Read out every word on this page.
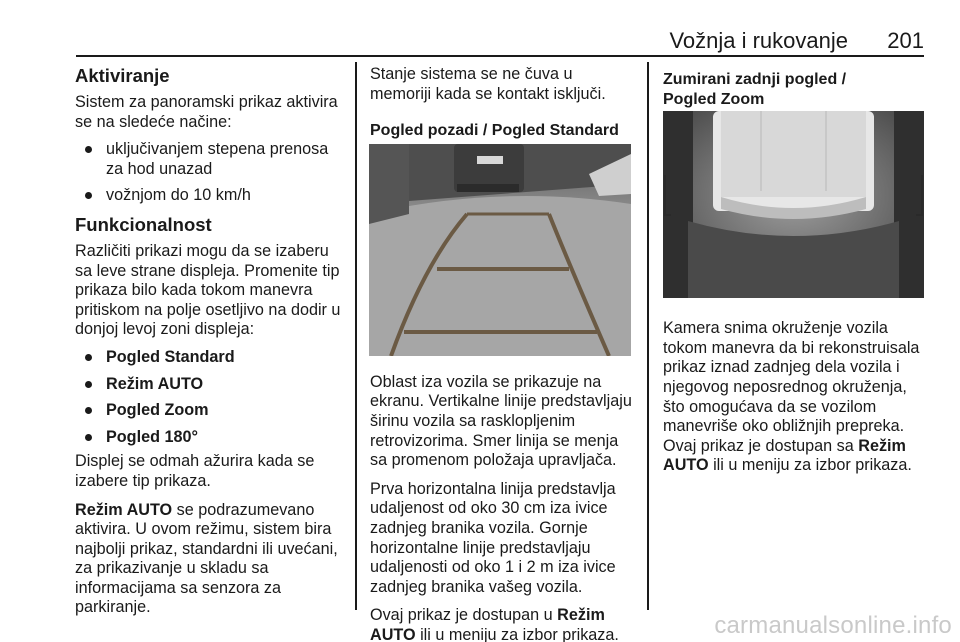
Vožnja i rukovanje 201
Aktiviranje

Sistem za panoramski prikaz aktivira se na sledeće načine:

uključivanjem stepena prenosa za hod unazad
vožnjom do 10 km/h
Funkcionalnost

Različiti prikazi mogu da se izaberu sa leve strane displeja. Promenite tip prikaza bilo kada tokom manevra pritiskom na polje osetljivo na dodir u donjoj levoj zoni displeja:

Pogled Standard
Režim AUTO
Pogled Zoom
Pogled 180°

Displej se odmah ažurira kada se izabere tip prikaza.

Režim AUTO se podrazumevano aktivira. U ovom režimu, sistem bira najbolji prikaz, standardni ili uvećani, za prikazivanje u skladu sa informacijama sa senzora za parkiranje.

Stanje sistema se ne čuva u memoriji kada se kontakt isključi.

Pogled pozadi / Pogled Standard

Oblast iza vozila se prikazuje na ekranu. Vertikalne linije predstavljaju širinu vozila sa rasklopljenim retrovizorima. Smer linija se menja sa promenom položaja upravljača.

Prva horizontalna linija predstavlja udaljenost od oko 30 cm iza ivice zadnjeg branika vozila. Gornje horizontalne linije predstavljaju udaljenosti od oko 1 i 2 m iza ivice zadnjeg branika vašeg vozila.

Ovaj prikaz je dostupan u Režim AUTO ili u meniju za izbor prikaza.

Zumirani zadnji pogled /
Pogled Zoom

Kamera snima okruženje vozila tokom manevra da bi rekonstruisala prikaz iznad zadnjeg dela vozila i njegovog neposrednog okruženja, što omogućava da se vozilom manevriše oko obližnjih prepreka.

Ovaj prikaz je dostupan sa Režim AUTO ili u meniju za izbor prikaza.

carmanualsonline.info
